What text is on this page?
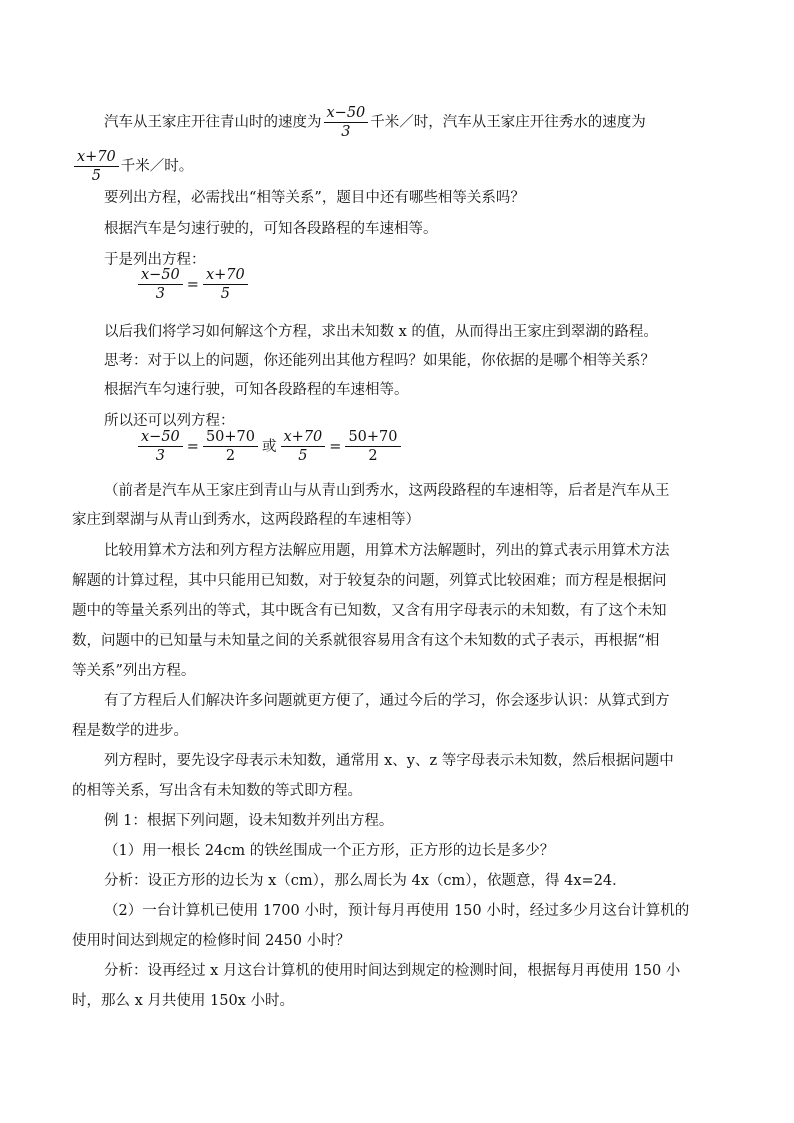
汽车从王家庄开往青山时的速度为 $\frac{x-50}{3}$ 千米／时，汽车从王家庄开往秀水的速度为
$\frac{x+70}{5}$ 千米／时。
要列出方程，必需找出“相等关系”，题目中还有哪些相等关系吗？
根据汽车是匀速行驶的，可知各段路程的车速相等。
于是列出方程：
$\frac{x-50}{3} = \frac{x+70}{5}$
以后我们将学习如何解这个方程，求出未知数 x 的值，从而得出王家庄到翠湖的路程。
思考：对于以上的问题，你还能列出其他方程吗？如果能，你依据的是哪个相等关系？
根据汽车匀速行驶，可知各段路程的车速相等。
所以还可以列方程：
$\frac{x-50}{3} = \frac{50+70}{2}$ 或 $\frac{x+70}{5} = \frac{50+70}{2}$
（前者是汽车从王家庄到青山与从青山到秀水，这两段路程的车速相等，后者是汽车从王
家庄到翠湖与从青山到秀水，这两段路程的车速相等）
比较用算术方法和列方程方法解应用题，用算术方法解题时，列出的算式表示用算术方法
解题的计算过程，其中只能用已知数，对于较复杂的问题，列算式比较困难；而方程是根据问
题中的等量关系列出的等式，其中既含有已知数，又含有用字母表示的未知数，有了这个未知
数，问题中的已知量与未知量之间的关系就很容易用含有这个未知数的式子表示，再根据“相
等关系”列出方程。
有了方程后人们解决许多问题就更方便了，通过今后的学习，你会逐步认识：从算式到方
程是数学的进步。
列方程时，要先设字母表示未知数，通常用 x、y、z 等字母表示未知数，然后根据问题中
的相等关系，写出含有未知数的等式即方程。
例 1：根据下列问题，设未知数并列出方程。
（1）用一根长 24cm 的铁丝围成一个正方形，正方形的边长是多少？
分析：设正方形的边长为 x（cm），那么周长为 4x（cm），依题意，得 4x=24．
（2）一台计算机已使用 1700 小时，预计每月再使用 150 小时，经过多少月这台计算机的
使用时间达到规定的检修时间 2450 小时？
分析：设再经过 x 月这台计算机的使用时间达到规定的检测时间，根据每月再使用 150 小
时，那么 x 月共使用 150x 小时。
